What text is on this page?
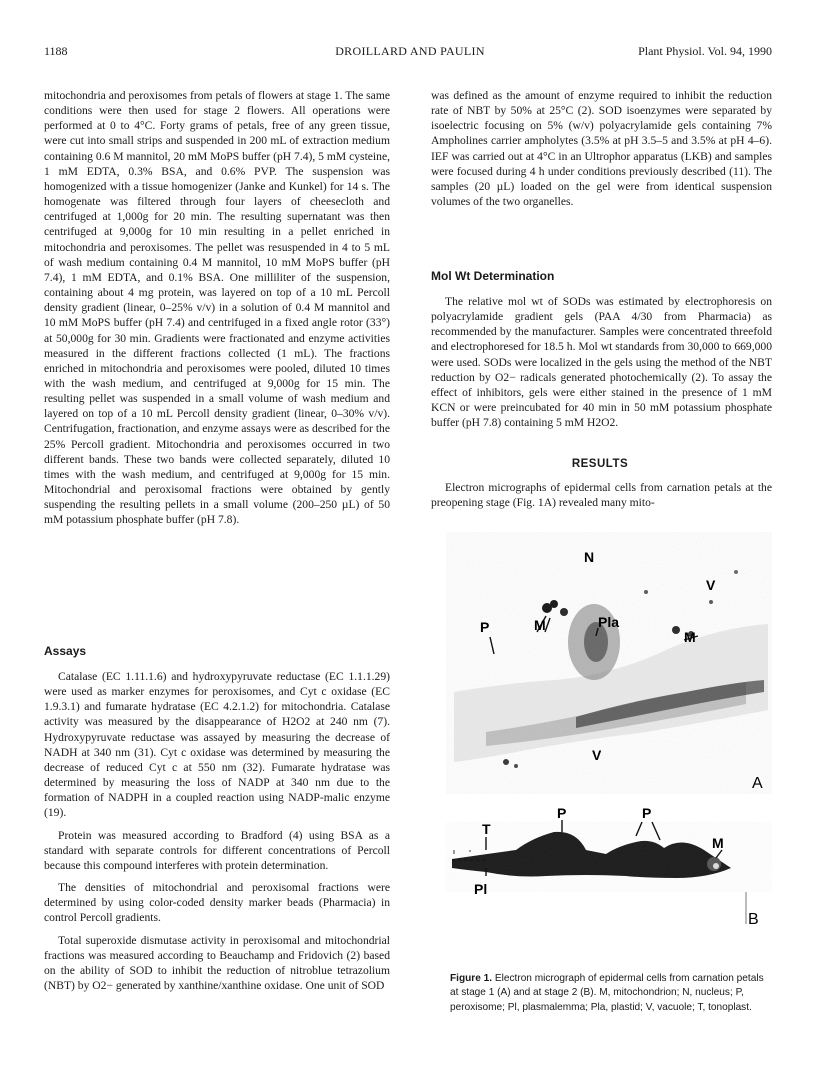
1188	DROILLARD AND PAULIN	Plant Physiol. Vol. 94, 1990

mitochondria and peroxisomes from petals of flowers at stage 1. The same conditions were then used for stage 2 flowers. All operations were performed at 0 to 4°C. Forty grams of petals, free of any green tissue, were cut into small strips and suspended in 200 mL of extraction medium containing 0.6 M mannitol, 20 mM MoPS buffer (pH 7.4), 5 mM cysteine, 1 mM EDTA, 0.3% BSA, and 0.6% PVP. The suspension was homogenized with a tissue homogenizer (Janke and Kunkel) for 14 s. The homogenate was filtered through four layers of cheesecloth and centrifuged at 1,000g for 20 min. The resulting supernatant was then centrifuged at 9,000g for 10 min resulting in a pellet enriched in mitochondria and peroxisomes. The pellet was resuspended in 4 to 5 mL of wash medium containing 0.4 M mannitol, 10 mM MoPS buffer (pH 7.4), 1 mM EDTA, and 0.1% BSA. One milliliter of the suspension, containing about 4 mg protein, was layered on top of a 10 mL Percoll density gradient (linear, 0–25% v/v) in a solution of 0.4 M mannitol and 10 mM MoPS buffer (pH 7.4) and centrifuged in a fixed angle rotor (33°) at 50,000g for 30 min. Gradients were fractionated and enzyme activities measured in the different fractions collected (1 mL). The fractions enriched in mitochondria and peroxisomes were pooled, diluted 10 times with the wash medium, and centrifuged at 9,000g for 15 min. The resulting pellet was suspended in a small volume of wash medium and layered on top of a 10 mL Percoll density gradient (linear, 0–30% v/v). Centrifugation, fractionation, and enzyme assays were as described for the 25% Percoll gradient. Mitochondria and peroxisomes occurred in two different bands. These two bands were collected separately, diluted 10 times with the wash medium, and centrifuged at 9,000g for 15 min. Mitochondrial and peroxisomal fractions were obtained by gently suspending the resulting pellets in a small volume (200–250 µL) of 50 mM potassium phosphate buffer (pH 7.8).

Assays

Catalase (EC 1.11.1.6) and hydroxypyruvate reductase (EC 1.1.1.29) were used as marker enzymes for peroxisomes, and Cyt c oxidase (EC 1.9.3.1) and fumarate hydratase (EC 4.2.1.2) for mitochondria. Catalase activity was measured by the disappearance of H2O2 at 240 nm (7). Hydroxypyruvate reductase was assayed by measuring the decrease of NADH at 340 nm (31). Cyt c oxidase was determined by measuring the decrease of reduced Cyt c at 550 nm (32). Fumarate hydratase was determined by measuring the loss of NADP at 340 nm due to the formation of NADPH in a coupled reaction using NADP-malic enzyme (19).

Protein was measured according to Bradford (4) using BSA as a standard with separate controls for different concentrations of Percoll because this compound interferes with protein determination.

The densities of mitochondrial and peroxisomal fractions were determined by using color-coded density marker beads (Pharmacia) in control Percoll gradients.

Total superoxide dismutase activity in peroxisomal and mitochondrial fractions was measured according to Beauchamp and Fridovich (2) based on the ability of SOD to inhibit the reduction of nitroblue tetrazolium (NBT) by O2− generated by xanthine/xanthine oxidase. One unit of SOD

was defined as the amount of enzyme required to inhibit the reduction rate of NBT by 50% at 25°C (2). SOD isoenzymes were separated by isoelectric focusing on 5% (w/v) polyacrylamide gels containing 7% Ampholines carrier ampholytes (3.5% at pH 3.5–5 and 3.5% at pH 4–6). IEF was carried out at 4°C in an Ultrophor apparatus (LKB) and samples were focused during 4 h under conditions previously described (11). The samples (20 µL) loaded on the gel were from identical suspension volumes of the two organelles.

Mol Wt Determination

The relative mol wt of SODs was estimated by electrophoresis on polyacrylamide gradient gels (PAA 4/30 from Pharmacia) as recommended by the manufacturer. Samples were concentrated threefold and electrophoresed for 18.5 h. Mol wt standards from 30,000 to 669,000 were used. SODs were localized in the gels using the method of the NBT reduction by O2− radicals generated photochemically (2). To assay the effect of inhibitors, gels were either stained in the presence of 1 mM KCN or were preincubated for 40 min in 50 mM potassium phosphate buffer (pH 7.8) containing 5 mM H2O2.

RESULTS

Electron micrographs of epidermal cells from carnation petals at the preopening stage (Fig. 1A) revealed many mito-

N
V
P	M	Pla
M
A
V
P	P
M
T
Pl
B
Figure 1. Electron micrograph of epidermal cells from carnation petals at stage 1 (A) and at stage 2 (B). M, mitochondrion; N, nucleus; P, peroxisome; Pl, plasmalemma; Pla, plastid; V, vacuole; T, tonoplast.
